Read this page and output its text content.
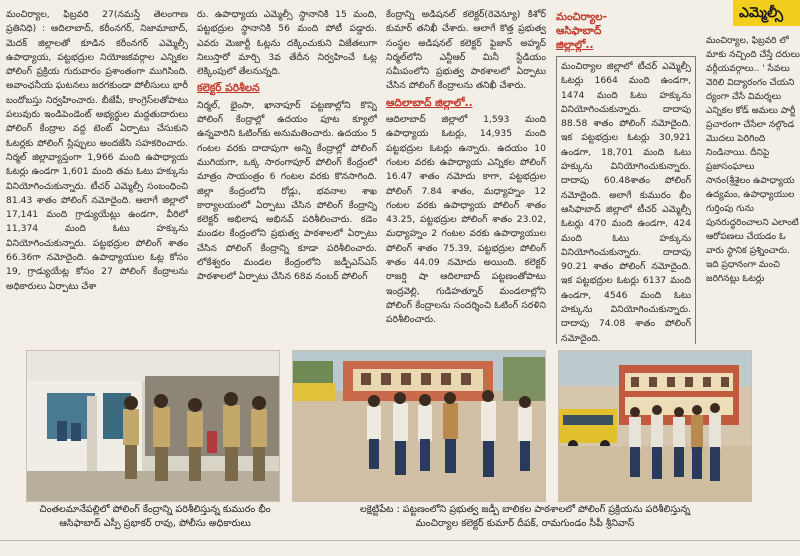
మంచిర్యాల, ఫిబ్రవరి 27(నమస్తే తెలంగాణ ప్రతినిధి) : ఆదిలాబాద్, కరీంనగర్, నిజామాబాద్, మెదక్ జిల్లాలతో కూడిన కరీంనగర్ ఎమ్మెల్సీ ఉపాధ్యాయ, పట్టభద్రుల నియోజకవర్గాల ఎన్నికల పోలింగ్ ప్రక్రియ గురువారం ప్రశాంతంగా ముగిసింది. అవాంఛనీయ ఘటనలు జరగకుండా పోలీసులు భారీ బందోబస్తు నిర్వహించారు. బీజేపీ, కాంగ్రెస్‌లతోపాటు పలువురు ఇండిపెండెంట్ అభ్యర్థుల మద్దతుదారులు పోలింగ్ కేంద్రాల వద్ద టెంట్ ఏర్పాటు చేసుకుని ఓటర్లకు పోలింగ్ స్లిప్పులు అందజేసి సహకరించారు. నిర్మల్ జిల్లావ్యాప్తంగా 1,966 మంది ఉపాధ్యాయ ఓటర్లు ఉండగా 1,601 మంది తమ ఓటు హక్కును వినియోగించుకున్నారు. టీచర్ ఎమ్మెల్సీ సంబంధించి 81.43 శాతం పోలింగ్ నమోదైంది. ఆలాగే జిల్లాలో 17,141 మంది గ్రాడ్యుయేట్లు ఉండగా, వీరిలో 11,374 మంది ఓటు హక్కును వినియోగించుకున్నారు. పట్టభద్రుల పోలింగ్ శాతం 66.36గా నమోదైంది. ఉపాధ్యాయుల ఓట్ల కోసం 19, గ్రాడ్యుయేట్ల కోసం 27 పోలింగ్ కేంద్రాలను అధికారులు ఏర్పాటు చేశా

రు. ఉపాధ్యాయ ఎమ్మెల్సీ స్థానానికి 15 మంది, పట్టభద్రుల స్థానానికి 56 మంది పోటీ పడ్డారు. ఎవరు మెజార్టీ ఓట్లను దక్కించుకుని విజేతలుగా నిలుస్తారో మార్చి 3వ తేదీన నిర్వహించే ఓట్ల లెక్కింపులో తేలనున్నది.

కలెక్టర్ పరిశీలన

నిర్మల్, భైంసా, ఖానాపూర్ పట్టణాల్లోని కొన్ని పోలింగ్ కేంద్రాల్లో ఉదయం పూట క్యూలో ఉన్నవారిని ఓటింగ్‌కు అనుమతించారు. ఉదయం 5 గంటల వరకు దాదాపుగా అన్ని కేంద్రాల్లో పోలింగ్ ముగియగా, ఒక్క సారంగాపూర్ పోలింగ్ కేంద్రంలో మాత్రం సాయంత్రం 6 గంటల వరకు కొనసాగింది. జిల్లా కేంద్రంలోని రోడ్లు, భవనాల శాఖ కార్యాలయంలో ఏర్పాటు చేసిన పోలింగ్ కేంద్రాన్ని కలెక్టర్ అభిలాష అభినవ్ పరిశీలించారు. కడెం మండల కేంద్రంలోని ప్రభుత్వ పాఠశాలలో ఏర్పాటు చేసిన పోలింగ్ కేంద్రాన్ని కూడా పరిశీలించారు. లోకేశ్వరం మండల కేంద్రంలోని జడ్పీఎస్‌ఎస్ పాఠశాలలో ఏర్పాటు చేసిన 68వ నంబర్ పోలింగ్

కేంద్రాన్ని అడిషనల్ కలెక్టర్(రెవెన్యూ) కిశోర్ కుమార్ తనిఖీ చేశారు. ఆలాగే కొత్త ప్రభుత్వ సంస్థల అడిషనల్ కలెక్టర్ ఫైజాన్ అహ్మద్ నిర్మల్‌లోని ఎన్టీఆర్ మినీ స్టేడియం సమీపంలోని ప్రభుత్వ పాఠశాలలో ఏర్పాటు చేసిన పోలింగ్ కేంద్రాలను తనిఖీ చేశారు.

ఆదిలాబాద్ జిల్లాలో..

ఆదిలాబాద్ జిల్లాలో 1,593 మంది ఉపాధ్యాయ ఓటర్లు, 14,935 మంది పట్టభద్రుల ఓటర్లు ఉన్నారు. ఉదయం 10 గంటల వరకు ఉపాధ్యాయ ఎన్నికల పోలింగ్ 16.47 శాతం నమోదు కాగా, పట్టభద్రుల పోలింగ్ 7.84 శాతం, మధ్యాహ్నం 12 గంటల వరకు ఉపాధ్యాయ పోలింగ్ శాతం 43.25, పట్టభద్రుల పోలింగ్ శాతం 23.02, మధ్యాహ్నం 2 గంటల వరకు ఉపాధ్యాయుల పోలింగ్ శాతం 75.39, పట్టభద్రుల పోలింగ్ శాతం 44.09 నమోదు అయింది. కలెక్టర్ రాజర్షి షా ఆదిలాబాద్ పట్టణంతోపాటు ఇంద్రవెల్లి, గుడిహత్నూర్ మండలాల్లోని పోలింగ్ కేంద్రాలను సందర్శించి ఓటింగ్ సరళిని పరిశీలించారు.

మంచిర్యాల-
ఆసిఫాబాద్
జిల్లాల్లో..

మంచిర్యాల జిల్లాలో టీచర్ ఎమ్మెల్సీ ఓటర్లు 1664 మంది ఉండగా, 1474 మంది ఓటు హక్కును వినియోగించుకున్నారు. దాదాపు 88.58 శాతం పోలింగ్ నమోదైంది. ఇక పట్టభద్రుల ఓటర్లు 30,921 ఉండగా, 18,701 మంది ఓటు హక్కును వినియోగించుకున్నారు. దాదాపు 60.48శాతం పోలింగ్ నమోదైంది. అలాగే కుమురం భీం ఆసిఫాబాద్ జిల్లాలో టీచర్ ఎమ్మెల్సీ ఓటర్లు 470 మంది ఉండగా, 424 మంది ఓటు హక్కును వినియోగించుకున్నారు. దాదాపు 90.21 శాతం పోలింగ్ నమోదైంది. ఇక పట్టభద్రుల ఓటర్లు 6137 మంది ఉండగా, 4546 మంది ఓటు హక్కును వినియోగించుకున్నారు. దాదాపు 74.08 శాతం పోలింగ్ నమోదైంది.

ఎమ్మెల్సీ

మంచిర్యాల, ఫిబ్రవరి లో మాకు నచ్చింది చేస్తే దరులు వర్గీయవర్గాలు.. ' సేవలు వెరిలి విద్యారంగం చేయని ద్యంగా చేసే విమర్శలు ఎన్నికల కోడ్ అమలు పార్టీ ప్రచారంగా చేసేలా నల్గొండ మొదలు పెరిగింది నిండినాయి. దీనిపై ప్రజాసంఘాలు సానం(శ్రీశైలం ఉపాధ్యాయ ఉద్యమం, ఉపాధ్యాయుల గుర్తింపు గును పునరుద్ధరించాలని ఎలాంటి ఆరోపణలు చేయడం ఓ వారు స్థానిక ప్రశ్నించారు. ఇది ప్రధానంగా మంచి జరిగినట్లు ఓటర్లు

చింతలమానేపల్లిలో పోలింగ్ కేంద్రాన్ని పరిశీలిస్తున్న కుమురం భీం
ఆసిఫాబాద్ ఎస్పీ ప్రభాకర్ రావు, పోలీసు అధికారులు
లక్షెట్టిపేట : పట్టణంలోని ప్రభుత్వ జడ్పీ బాలికల పాఠశాలలో పోలింగ్ ప్రక్రియను పరిశీలిస్తున్న
మంచిర్యాల కలెక్టర్ కుమార్ దీపక్, రామగుండం సీపీ శ్రీనివాస్
